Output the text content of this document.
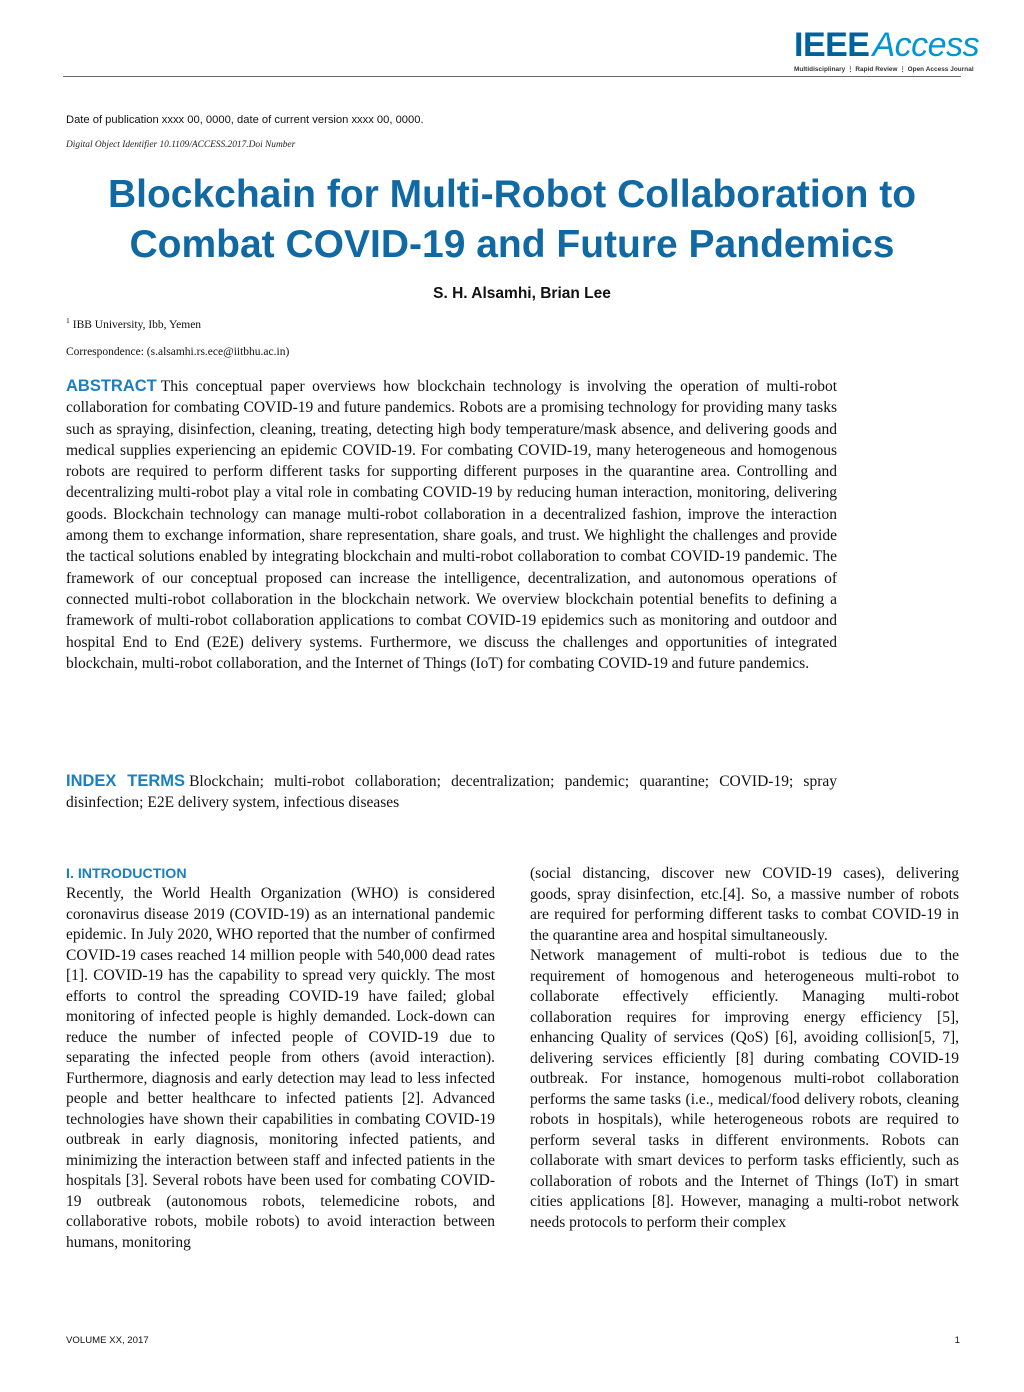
IEEEAccess
Multidisciplinary ⋮ Rapid Review ⋮ Open Access Journal
Date of publication xxxx 00, 0000, date of current version xxxx 00, 0000.
Digital Object Identifier 10.1109/ACCESS.2017.Doi Number
Blockchain for Multi-Robot Collaboration to
Combat COVID-19 and Future Pandemics
S. H. Alsamhi, Brian Lee
$^1$ IBB University, Ibb, Yemen
Correspondence: (s.alsamhi.rs.ece@iitbhu.ac.in)

ABSTRACT This conceptual paper overviews how blockchain technology is involving the operation of multi-robot collaboration for combating COVID-19 and future pandemics. Robots are a promising technology for providing many tasks such as spraying, disinfection, cleaning, treating, detecting high body temperature/mask absence, and delivering goods and medical supplies experiencing an epidemic COVID-19. For combating COVID-19, many heterogeneous and homogenous robots are required to perform different tasks for supporting different purposes in the quarantine area. Controlling and decentralizing multi-robot play a vital role in combating COVID-19 by reducing human interaction, monitoring, delivering goods. Blockchain technology can manage multi-robot collaboration in a decentralized fashion, improve the interaction among them to exchange information, share representation, share goals, and trust. We highlight the challenges and provide the tactical solutions enabled by integrating blockchain and multi-robot collaboration to combat COVID-19 pandemic. The framework of our conceptual proposed can increase the intelligence, decentralization, and autonomous operations of connected multi-robot collaboration in the blockchain network. We overview blockchain potential benefits to defining a framework of multi-robot collaboration applications to combat COVID-19 epidemics such as monitoring and outdoor and hospital End to End (E2E) delivery systems. Furthermore, we discuss the challenges and opportunities of integrated blockchain, multi-robot collaboration, and the Internet of Things (IoT) for combating COVID-19 and future pandemics.

INDEX TERMS Blockchain; multi-robot collaboration; decentralization; pandemic; quarantine; COVID-19; spray disinfection; E2E delivery system, infectious diseases

I. INTRODUCTION

Recently, the World Health Organization (WHO) is considered coronavirus disease 2019 (COVID-19) as an international pandemic epidemic. In July 2020, WHO reported that the number of confirmed COVID-19 cases reached 14 million people with 540,000 dead rates [1]. COVID-19 has the capability to spread very quickly. The most efforts to control the spreading COVID-19 have failed; global monitoring of infected people is highly demanded. Lock-down can reduce the number of infected people of COVID-19 due to separating the infected people from others (avoid interaction). Furthermore, diagnosis and early detection may lead to less infected people and better healthcare to infected patients [2]. Advanced technologies have shown their capabilities in combating COVID-19 outbreak in early diagnosis, monitoring infected patients, and minimizing the interaction between staff and infected patients in the hospitals [3]. Several robots have been used for combating COVID-19 outbreak (autonomous robots, telemedicine robots, and collaborative robots, mobile robots) to avoid interaction between humans, monitoring

(social distancing, discover new COVID-19 cases), delivering goods, spray disinfection, etc.[4]. So, a massive number of robots are required for performing different tasks to combat COVID-19 in the quarantine area and hospital simultaneously.

Network management of multi-robot is tedious due to the requirement of homogenous and heterogeneous multi-robot to collaborate effectively efficiently. Managing multi-robot collaboration requires for improving energy efficiency [5], enhancing Quality of services (QoS) [6], avoiding collision[5, 7], delivering services efficiently [8] during combating COVID-19 outbreak. For instance, homogenous multi-robot collaboration performs the same tasks (i.e., medical/food delivery robots, cleaning robots in hospitals), while heterogeneous robots are required to perform several tasks in different environments. Robots can collaborate with smart devices to perform tasks efficiently, such as collaboration of robots and the Internet of Things (IoT) in smart cities applications [8]. However, managing a multi-robot network needs protocols to perform their complex

VOLUME XX, 2017	1
